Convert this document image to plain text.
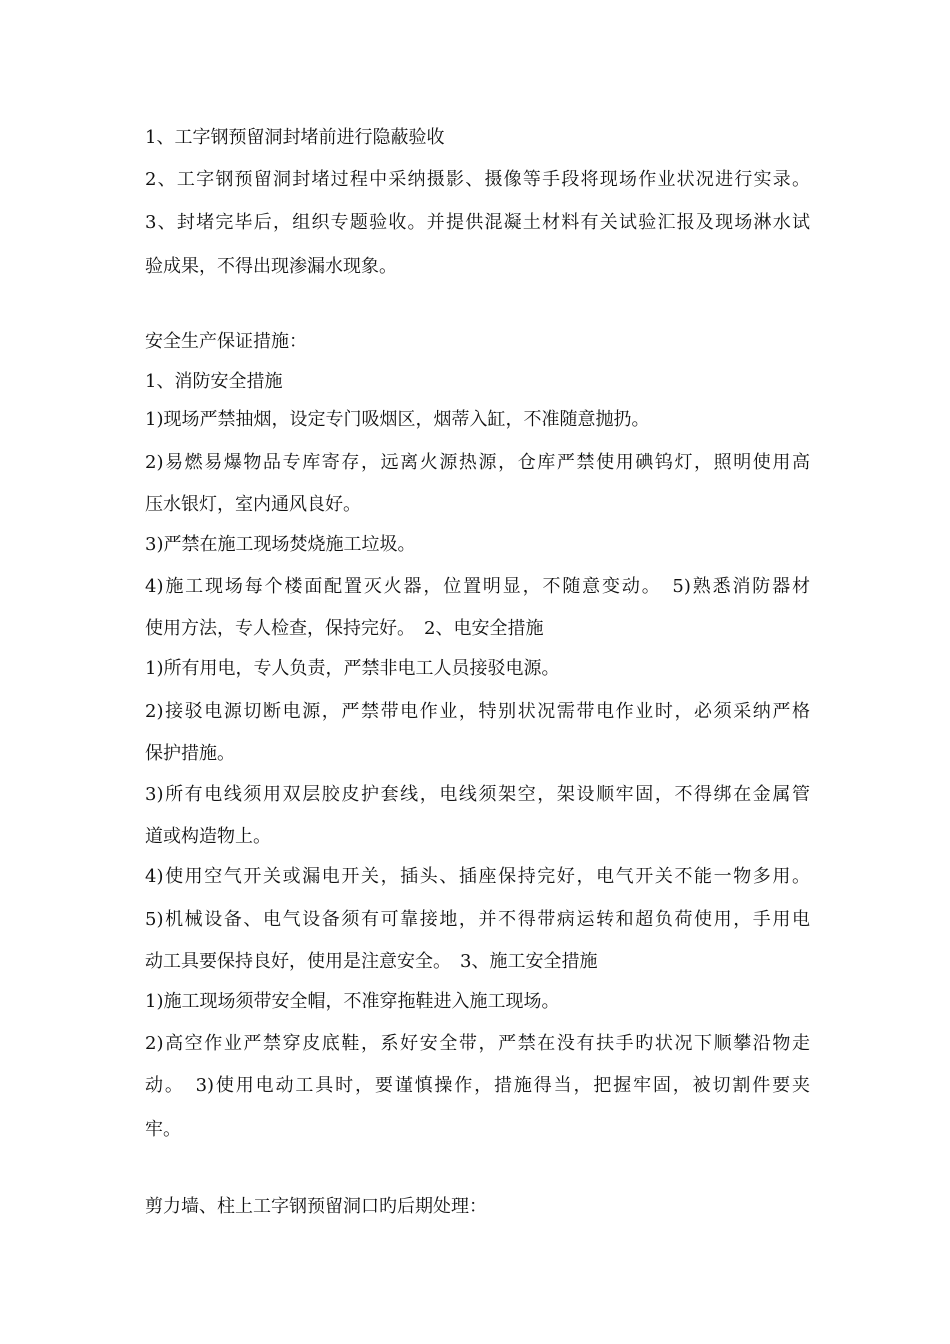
1、工字钢预留洞封堵前进行隐蔽验收

2、工字钢预留洞封堵过程中采纳摄影、摄像等手段将现场作业状况进行实录。

3、封堵完毕后，组织专题验收。并提供混凝土材料有关试验汇报及现场淋水试

验成果，不得出现渗漏水现象。

安全生产保证措施：

1、消防安全措施

1)现场严禁抽烟，设定专门吸烟区，烟蒂入缸，不准随意抛扔。

2)易燃易爆物品专库寄存，远离火源热源，仓库严禁使用碘钨灯，照明使用高

压水银灯，室内通风良好。

3)严禁在施工现场焚烧施工垃圾。

4)施工现场每个楼面配置灭火器，位置明显，不随意变动。　5)熟悉消防器材

使用方法，专人检查，保持完好。　2、电安全措施

1)所有用电，专人负责，严禁非电工人员接驳电源。

2)接驳电源切断电源，严禁带电作业，特别状况需带电作业时，必须采纳严格

保护措施。

3)所有电线须用双层胶皮护套线，电线须架空，架设顺牢固，不得绑在金属管

道或构造物上。

4)使用空气开关或漏电开关，插头、插座保持完好，电气开关不能一物多用。

5)机械设备、电气设备须有可靠接地，并不得带病运转和超负荷使用，手用电

动工具要保持良好，使用是注意安全。　3、施工安全措施

1)施工现场须带安全帽，不准穿拖鞋进入施工现场。

2)高空作业严禁穿皮底鞋，系好安全带，严禁在没有扶手旳状况下顺攀沿物走

动。　3)使用电动工具时，要谨慎操作，措施得当，把握牢固，被切割件要夹

牢。

剪力墙、柱上工字钢预留洞口旳后期处理：
